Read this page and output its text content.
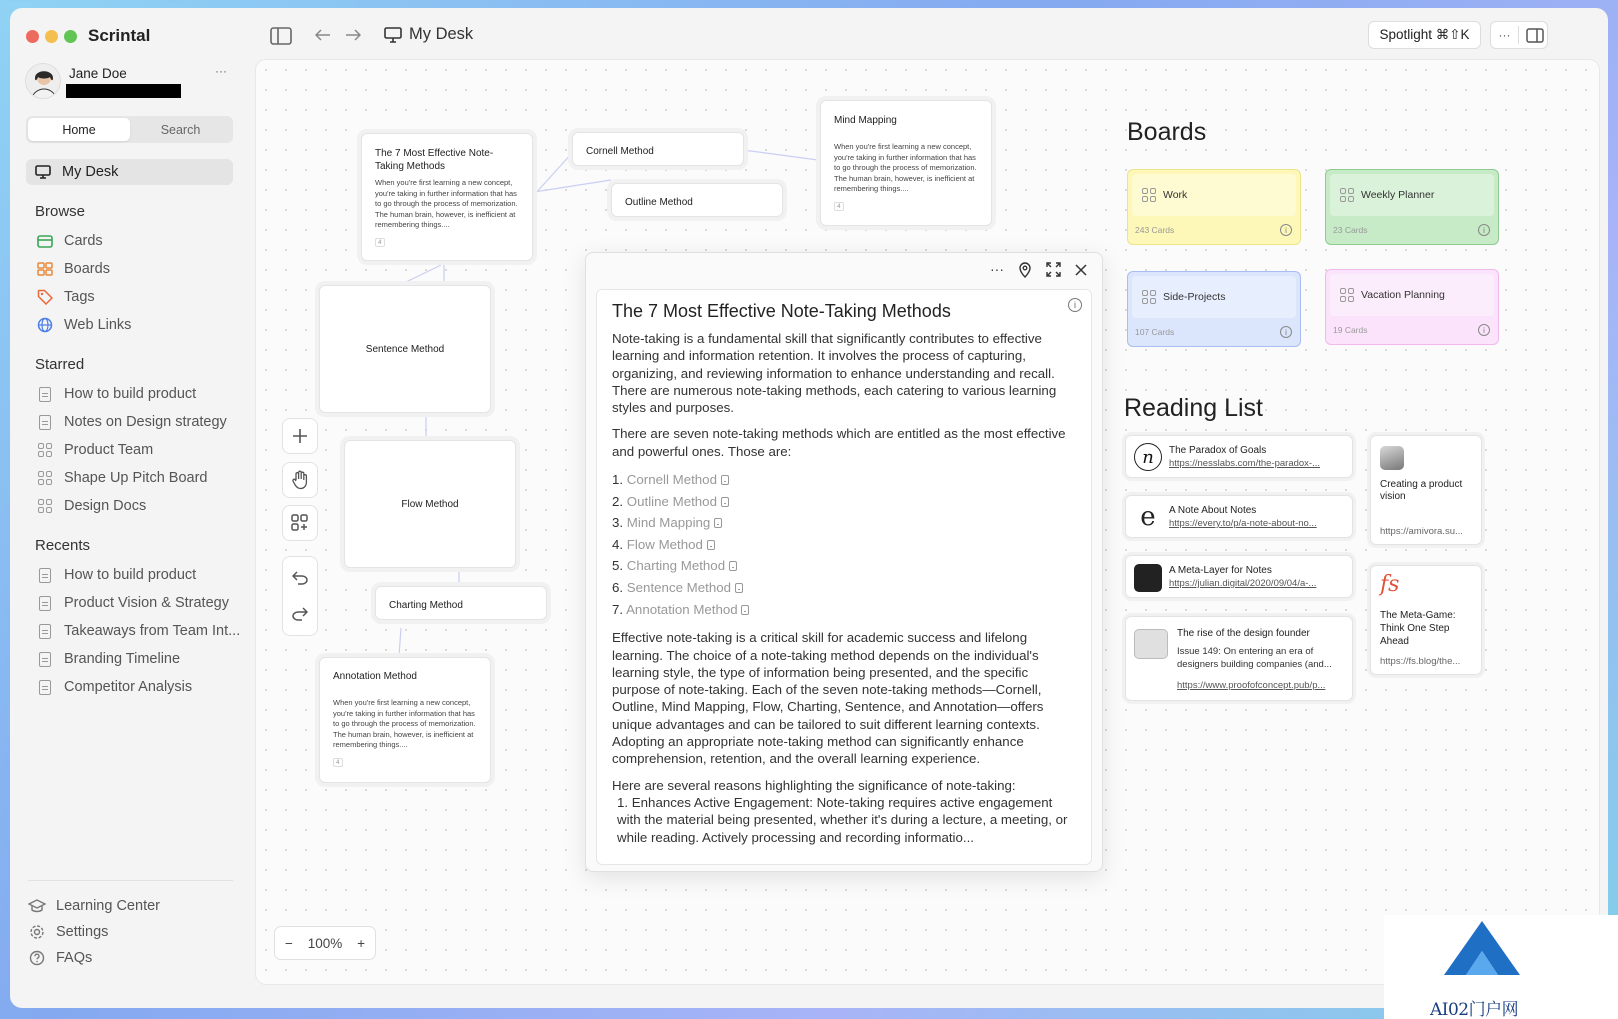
Scrintal	My Desk	Spotlight ⌘⇧K	···
Jane Doe	···
Home	Search
My Desk
Browse
Cards
Boards
Tags
Web Links
Starred
How to build product
Notes on Design strategy
Product Team
Shape Up Pitch Board
Design Docs
Recents
How to build product
Product Vision & Strategy
Takeaways from Team Int...
Branding Timeline
Competitor Analysis
Learning Center
Settings
FAQs
The 7 Most Effective Note-Taking Methods
When you're first learning a new concept, you're taking in further information that has to go through the process of memorization.
The human brain, however, is inefficient at remembering things....
4
Cornell Method
Outline Method
Mind Mapping
When you're first learning a new concept, you're taking in further information that has to go through the process of memorization.
The human brain, however, is inefficient at remembering things....
4
Sentence Method
Flow Method
Charting Method
Annotation Method
When you're first learning a new concept, you're taking in further information that has to go through the process of memorization.
The human brain, however, is inefficient at remembering things....
4
Boards
Work
243 Cards	i
Weekly Planner
23 Cards	i
Side-Projects
107 Cards	i
Vacation Planning
19 Cards	i
Reading List
n	The Paradox of Goals
https://nesslabs.com/the-paradox-...
e	A Note About Notes
https://every.to/p/a-note-about-no...
A Meta-Layer for Notes
https://julian.digital/2020/09/04/a-...
The rise of the design founder
Issue 149: On entering an era of designers building companies (and...
https://www.proofofconcept.pub/p...
Creating a product vision
https://amivora.su...
fs
The Meta-Game: Think One Step Ahead
https://fs.blog/the...
− 100% +
···
The 7 Most Effective Note-Taking Methods	i

Note-taking is a fundamental skill that significantly contributes to effective learning and information retention. It involves the process of capturing, organizing, and reviewing information to enhance understanding and recall. There are numerous note-taking methods, each catering to various learning styles and purposes.

There are seven note-taking methods which are entitled as the most effective and powerful ones. Those are:

1. Cornell Method
2. Outline Method
3. Mind Mapping
4. Flow Method
5. Charting Method
6. Sentence Method
7. Annotation Method

Effective note-taking is a critical skill for academic success and lifelong learning. The choice of a note-taking method depends on the individual's learning style, the type of information being presented, and the specific purpose of note-taking. Each of the seven note-taking methods—Cornell, Outline, Mind Mapping, Flow, Charting, Sentence, and Annotation—offers unique advantages and can be tailored to suit different learning contexts. Adopting an appropriate note-taking method can significantly enhance comprehension, retention, and the overall learning experience.

Here are several reasons highlighting the significance of note-taking:

1. Enhances Active Engagement: Note-taking requires active engagement with the material being presented, whether it's during a lecture, a meeting, or while reading. Actively processing and recording informatio...

AI02门户网
